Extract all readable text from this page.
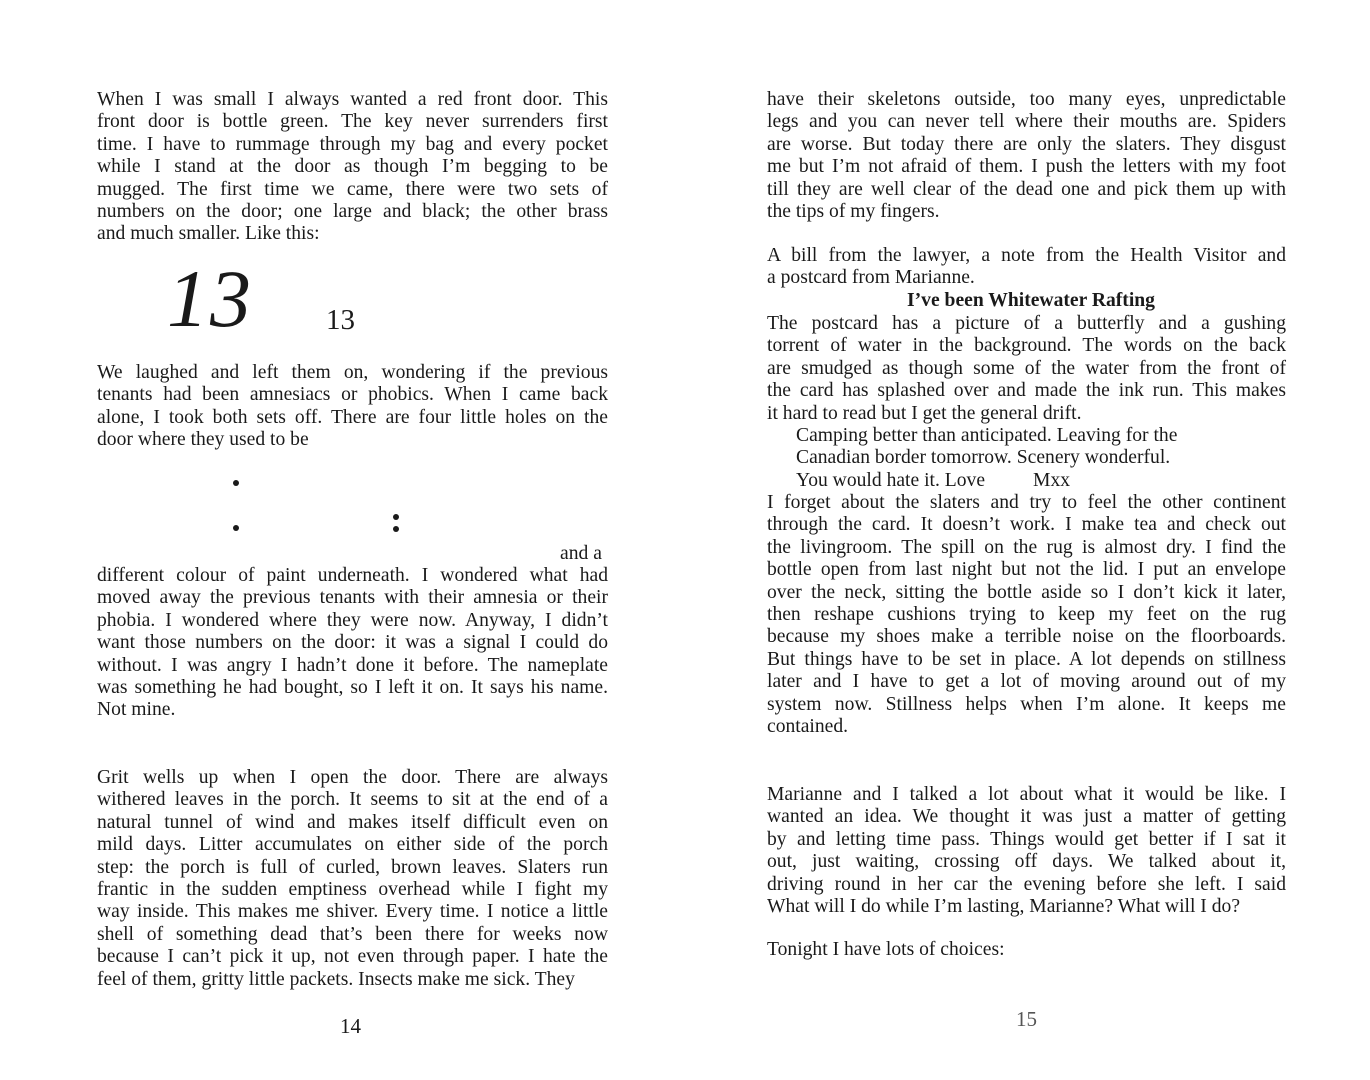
When I was small I always wanted a red front door. This
front door is bottle green. The key never surrenders first
time. I have to rummage through my bag and every pocket
while I stand at the door as though I’m begging to be
mugged. The first time we came, there were two sets of
numbers on the door; one large and black; the other brass
and much smaller. Like this:
13	13
We laughed and left them on, wondering if the previous
tenants had been amnesiacs or phobics. When I came back
alone, I took both sets off. There are four little holes on the
door where they used to be
and a
different colour of paint underneath. I wondered what had
moved away the previous tenants with their amnesia or their
phobia. I wondered where they were now. Anyway, I didn’t
want those numbers on the door: it was a signal I could do
without. I was angry I hadn’t done it before. The nameplate
was something he had bought, so I left it on. It says his name.
Not mine.
Grit wells up when I open the door. There are always
withered leaves in the porch. It seems to sit at the end of a
natural tunnel of wind and makes itself difficult even on
mild days. Litter accumulates on either side of the porch
step: the porch is full of curled, brown leaves. Slaters run
frantic in the sudden emptiness overhead while I fight my
way inside. This makes me shiver. Every time. I notice a little
shell of something dead that’s been there for weeks now
because I can’t pick it up, not even through paper. I hate the
feel of them, gritty little packets. Insects make me sick. They
14
have their skeletons outside, too many eyes, unpredictable
legs and you can never tell where their mouths are. Spiders
are worse. But today there are only the slaters. They disgust
me but I’m not afraid of them. I push the letters with my foot
till they are well clear of the dead one and pick them up with
the tips of my fingers.
A bill from the lawyer, a note from the Health Visitor and
a postcard from Marianne.
I’ve been Whitewater Rafting
The postcard has a picture of a butterfly and a gushing
torrent of water in the background. The words on the back
are smudged as though some of the water from the front of
the card has splashed over and made the ink run. This makes
it hard to read but I get the general drift.
Camping better than anticipated. Leaving for the
Canadian border tomorrow. Scenery wonderful.
You would hate it. Love Mxx
I forget about the slaters and try to feel the other continent
through the card. It doesn’t work. I make tea and check out
the livingroom. The spill on the rug is almost dry. I find the
bottle open from last night but not the lid. I put an envelope
over the neck, sitting the bottle aside so I don’t kick it later,
then reshape cushions trying to keep my feet on the rug
because my shoes make a terrible noise on the floorboards.
But things have to be set in place. A lot depends on stillness
later and I have to get a lot of moving around out of my
system now. Stillness helps when I’m alone. It keeps me
contained.
Marianne and I talked a lot about what it would be like. I
wanted an idea. We thought it was just a matter of getting
by and letting time pass. Things would get better if I sat it
out, just waiting, crossing off days. We talked about it,
driving round in her car the evening before she left. I said
What will I do while I’m lasting, Marianne? What will I do?
Tonight I have lots of choices:
15
